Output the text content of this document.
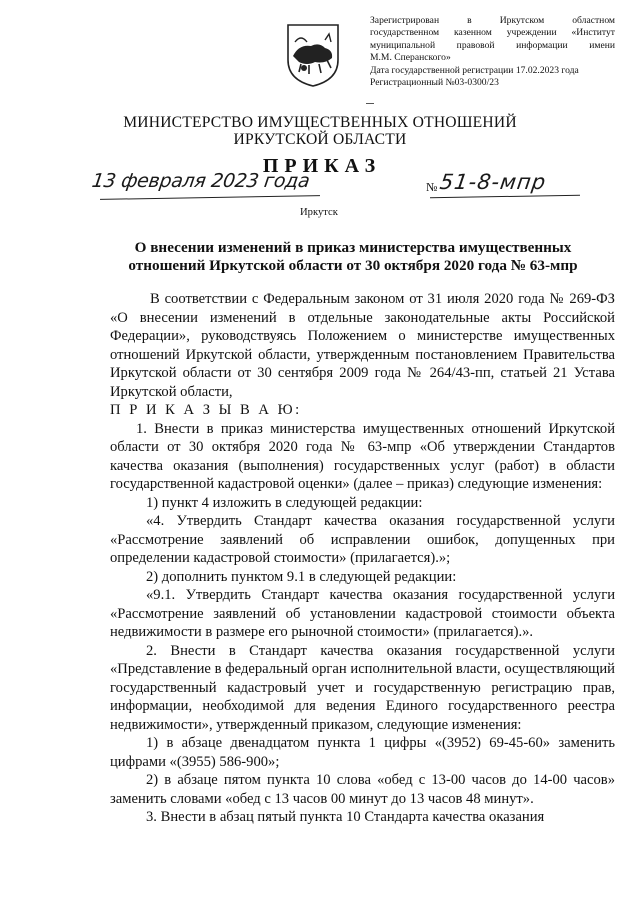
Зарегистрирован в Иркутском областном
государственном казенном учреждении «Институт
муниципальной правовой информации имени
М.М. Сперанского»
Дата государственной регистрации 17.02.2023 года
Регистрационный №03-0300/23
МИНИСТЕРСТВО ИМУЩЕСТВЕННЫХ ОТНОШЕНИЙ
ИРКУТСКОЙ ОБЛАСТИ
ПРИКАЗ
13 февраля 2023 года	№ 51-8-мпр
Иркутск
О внесении изменений в приказ министерства имущественных
отношений Иркутской области от 30 октября 2020 года № 63-мпр

В соответствии с Федеральным законом от 31 июля 2020 года № 269-ФЗ «О внесении изменений в отдельные законодательные акты Российской Федерации», руководствуясь Положением о министерстве имущественных отношений Иркутской области, утвержденным постановлением Правительства Иркутской области от 30 сентября 2009 года № 264/43-пп, статьей 21 Устава Иркутской области,

П Р И К А З Ы В А Ю:

1. Внести в приказ министерства имущественных отношений Иркутской области от 30 октября 2020 года № 63-мпр «Об утверждении Стандартов качества оказания (выполнения) государственных услуг (работ) в области государственной кадастровой оценки» (далее – приказ) следующие изменения:

1) пункт 4 изложить в следующей редакции:

«4. Утвердить Стандарт качества оказания государственной услуги «Рассмотрение заявлений об исправлении ошибок, допущенных при определении кадастровой стоимости» (прилагается).»;

2) дополнить пунктом 9.1 в следующей редакции:

«9.1. Утвердить Стандарт качества оказания государственной услуги «Рассмотрение заявлений об установлении кадастровой стоимости объекта недвижимости в размере его рыночной стоимости» (прилагается).».

2. Внести в Стандарт качества оказания государственной услуги «Представление в федеральный орган исполнительной власти, осуществляющий государственный кадастровый учет и государственную регистрацию прав, информации, необходимой для ведения Единого государственного реестра недвижимости», утвержденный приказом, следующие изменения:

1) в абзаце двенадцатом пункта 1 цифры «(3952) 69-45-60» заменить цифрами «(3955) 586-900»;

2) в абзаце пятом пункта 10 слова «обед с 13-00 часов до 14-00 часов» заменить словами «обед с 13 часов 00 минут до 13 часов 48 минут».

3. Внести в абзац пятый пункта 10 Стандарта качества оказания
